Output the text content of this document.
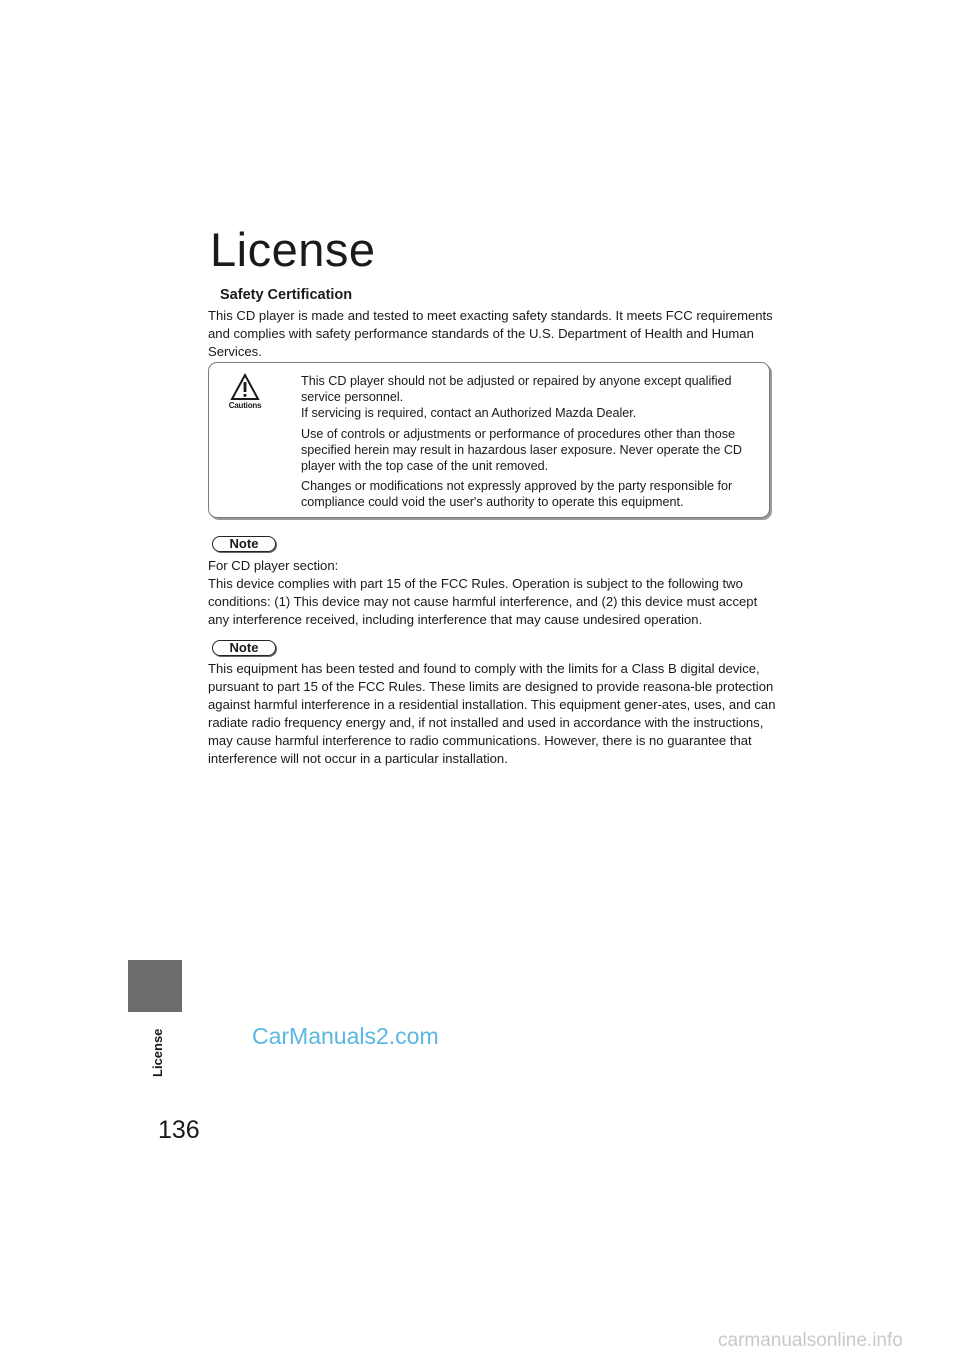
License
Safety Certification

This CD player is made and tested to meet exacting safety standards. It meets FCC requirements and complies with safety performance standards of the U.S. Department of Health and Human Services.

Cautions

This CD player should not be adjusted or repaired by anyone except qualified service personnel.
If servicing is required, contact an Authorized Mazda Dealer.

Use of controls or adjustments or performance of procedures other than those specified herein may result in hazardous laser exposure. Never operate the CD player with the top case of the unit removed.

Changes or modifications not expressly approved by the party responsible for compliance could void the user's authority to operate this equipment.

Note

For CD player section:
This device complies with part 15 of the FCC Rules. Operation is subject to the following two conditions: (1) This device may not cause harmful interference, and (2) this device must accept any interference received, including interference that may cause undesired operation.

Note

This equipment has been tested and found to comply with the limits for a Class B digital device, pursuant to part 15 of the FCC Rules. These limits are designed to provide reasona-ble protection against harmful interference in a residential installation. This equipment gener-ates, uses, and can radiate radio frequency energy and, if not installed and used in accordance with the instructions, may cause harmful interference to radio communications. However, there is no guarantee that interference will not occur in a particular installation.

License
136
CarManuals2.com
carmanualsonline.info
